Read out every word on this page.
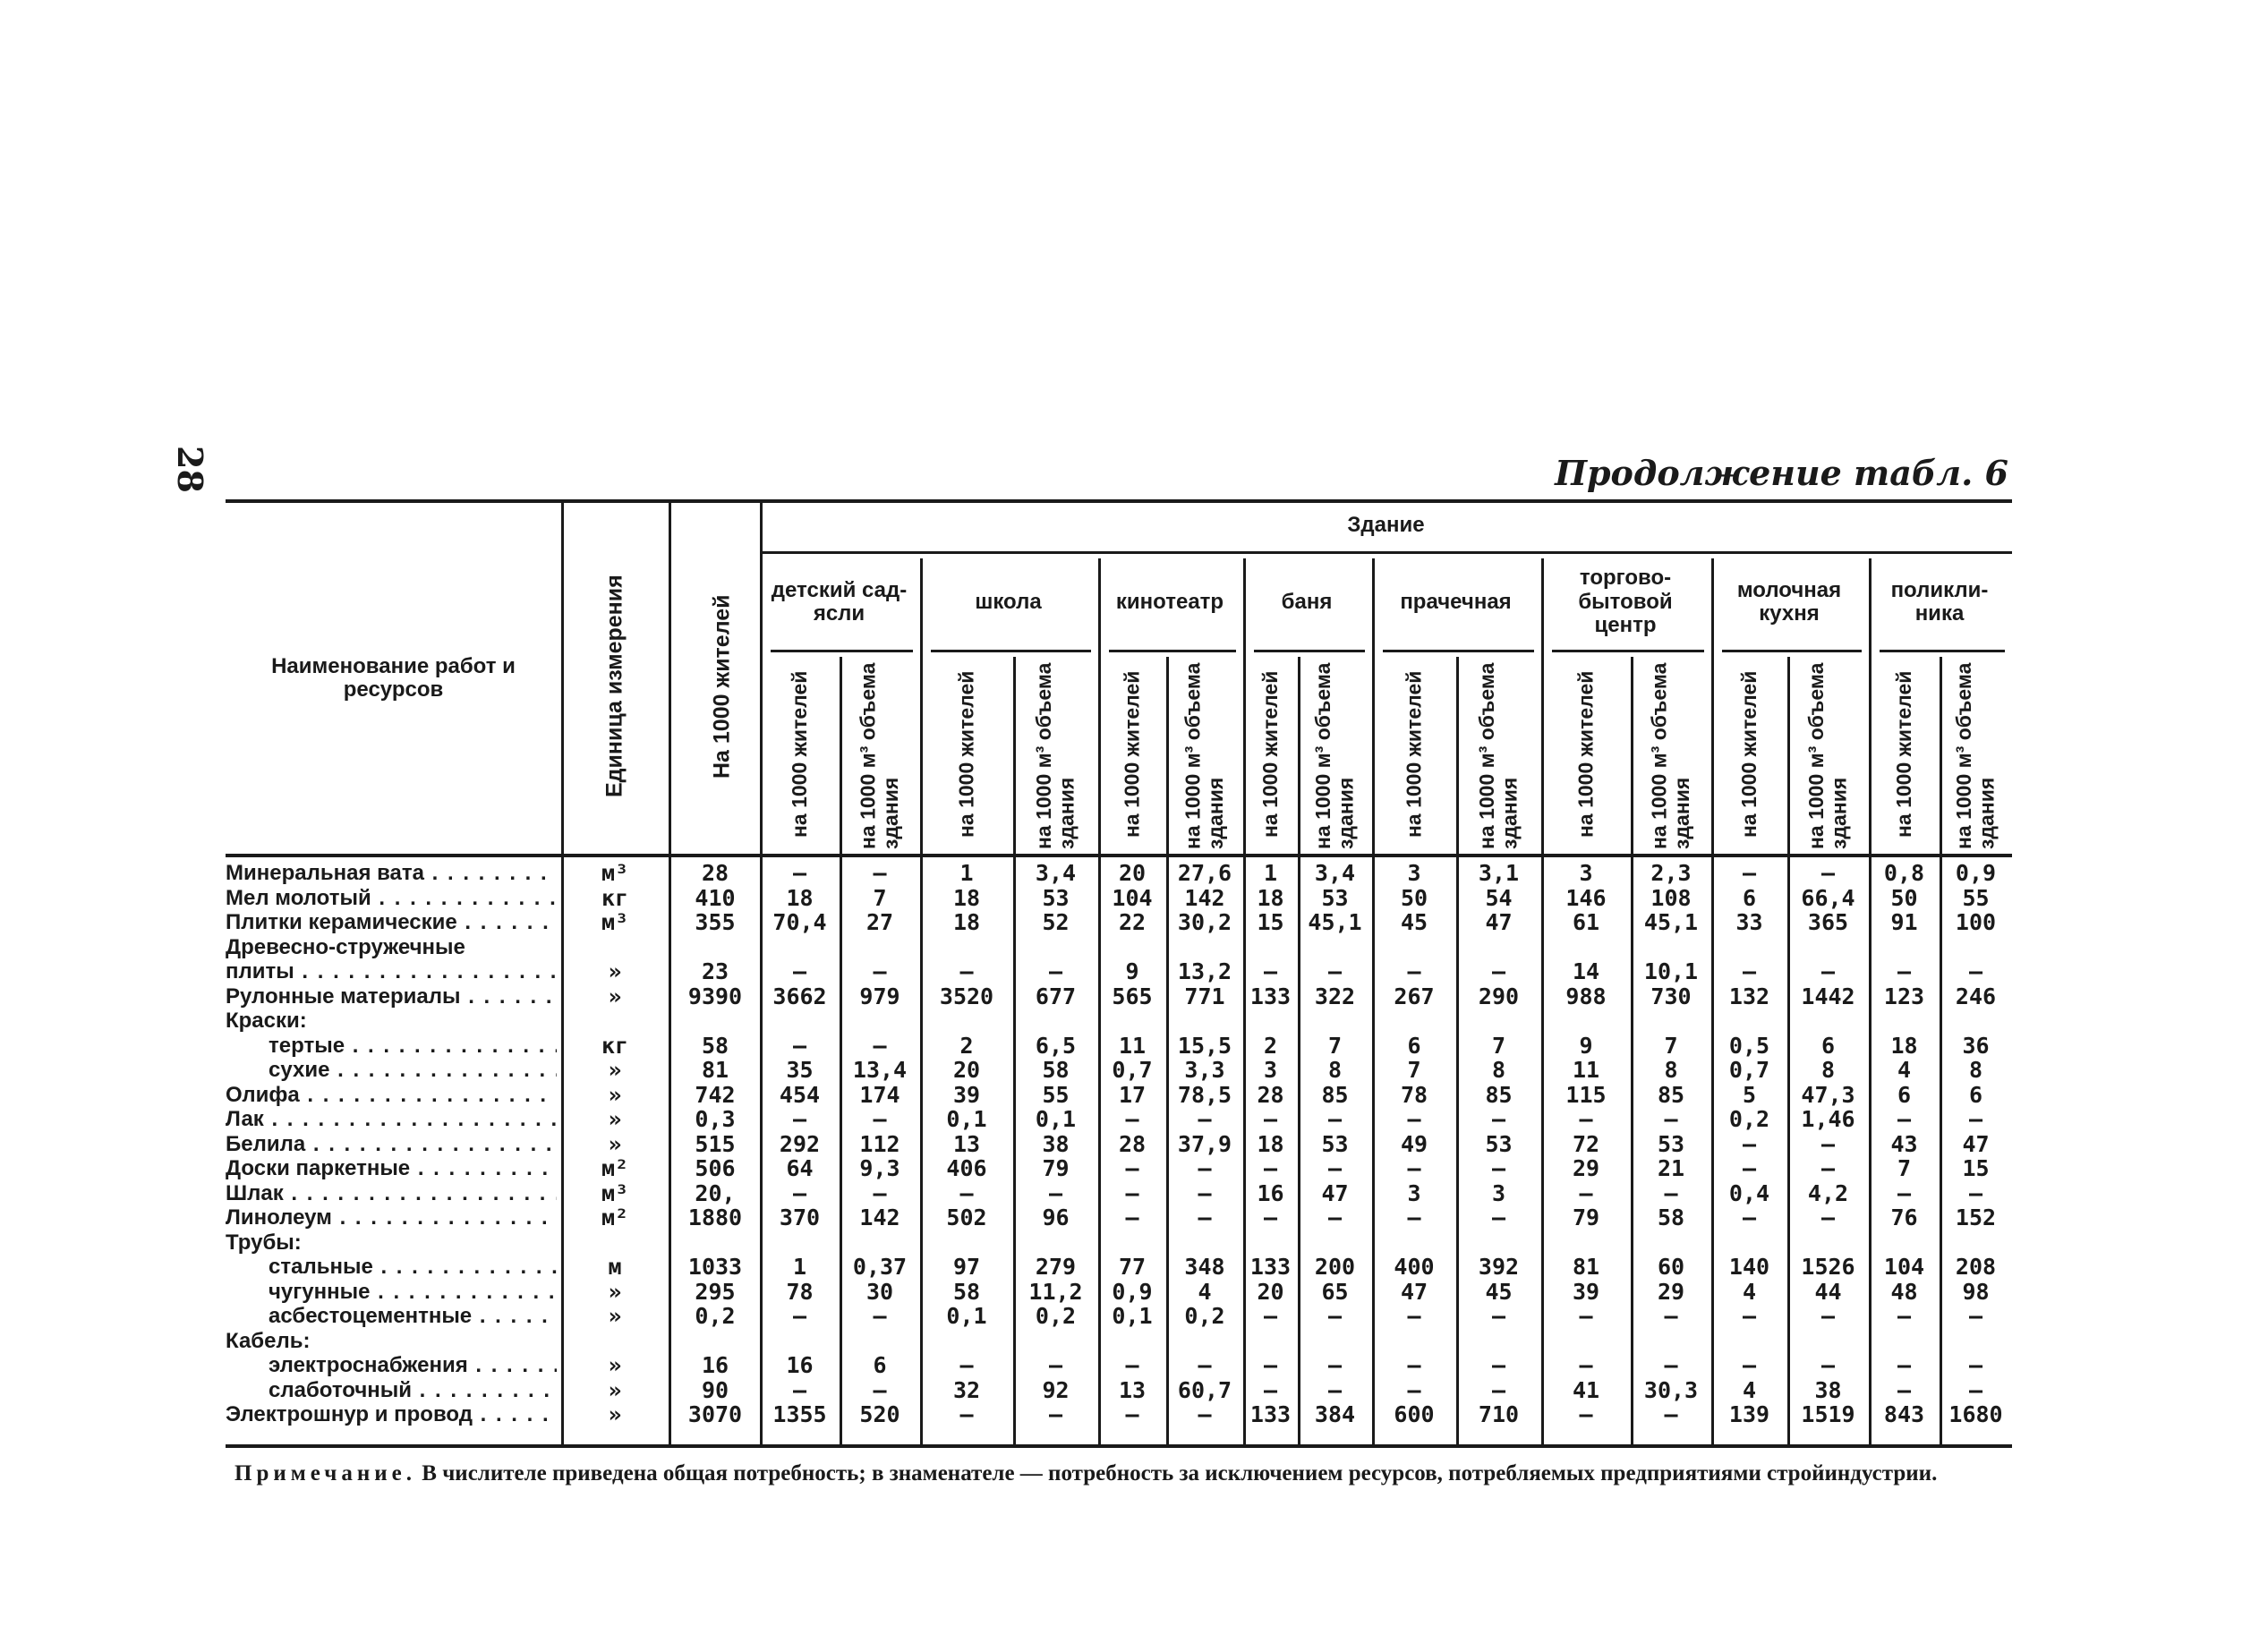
28	Продолжение табл. 6
Наименование работ и ресурсов	Единица измерения	На 1000 жителей
Здание
детский сад-ясли
на 1000 жителей	на 1000 м³ объема здания
школа
на 1000 жителей	на 1000 м³ объема здания
кинотеатр
на 1000 жителей	на 1000 м³ объема здания
баня
на 1000 жителей	на 1000 м³ объема здания
прачечная
на 1000 жителей	на 1000 м³ объема здания
торгово-бытовой центр
на 1000 жителей	на 1000 м³ объема здания
молочная кухня
на 1000 жителей	на 1000 м³ объема здания
поликли-ника
на 1000 жителей	на 1000 м³ объема здания
Минеральная вата . . .	м³	28	—	—	1	3,4	20	27,6	1	3,4	3	3,1	3	2,3	—	—	0,8	0,9
Мел молотый . . .	кг	410	18	7	18	53	104	142	18	53	50	54	146	108	6	66,4	50	55
Плитки керамические . . .	м³	355	70,4	27	18	52	22	30,2	15	45,1	45	47	61	45,1	33	365	91	100
Древесно-стружечные
плиты . . .	»	23	—	—	—	—	9	13,2	—	—	—	—	14	10,1	—	—	—	—
Рулонные материалы . . .	»	9390	3662	979	3520	677	565	771	133	322	267	290	988	730	132	1442	123	246
Краски:
тертые . . .	кг	58	—	—	2	6,5	11	15,5	2	7	6	7	9	7	0,5	6	18	36
сухие . . .	»	81	35	13,4	20	58	0,7	3,3	3	8	7	8	11	8	0,7	8	4	8
Олифа . . .	»	742	454	174	39	55	17	78,5	28	85	78	85	115	85	5	47,3	6	6
Лак . . .	»	0,3	—	—	0,1	0,1	—	—	—	—	—	—	—	—	0,2	1,46	—	—
Белила . . .	»	515	292	112	13	38	28	37,9	18	53	49	53	72	53	—	—	43	47
Доски паркетные . . .	м²	506	64	9,3	406	79	—	—	—	—	—	—	29	21	—	—	7	15
Шлак . . .	м³	20,	—	—	—	—	—	—	16	47	3	3	—	—	0,4	4,2	—	—
Линолеум . . .	м²	1880	370	142	502	96	—	—	—	—	—	—	79	58	—	—	76	152
Трубы:
стальные . . .	м	1033	1	0,37	97	279	77	348	133	200	400	392	81	60	140	1526	104	208
чугунные . . .	»	295	78	30	58	11,2	0,9	4	20	65	47	45	39	29	4	44	48	98
асбестоцементные . . .	»	0,2	—	—	0,1	0,2	0,1	0,2	—	—	—	—	—	—	—	—	—	—
Кабель:
электроснабжения . . .	»	16	16	6	—	—	—	—	—	—	—	—	—	—	—	—	—	—
слаботочный . . .	»	90	—	—	32	92	13	60,7	—	—	—	—	41	30,3	4	38	—	—
Электрошнур и провод . . .	»	3070	1355	520	—	—	—	—	133	384	600	710	—	—	139	1519	843	1680
Примечание. В числителе приведена общая потребность; в знаменателе — потребность за исключением ресурсов, потребляемых предприятиями стройиндустрии.
